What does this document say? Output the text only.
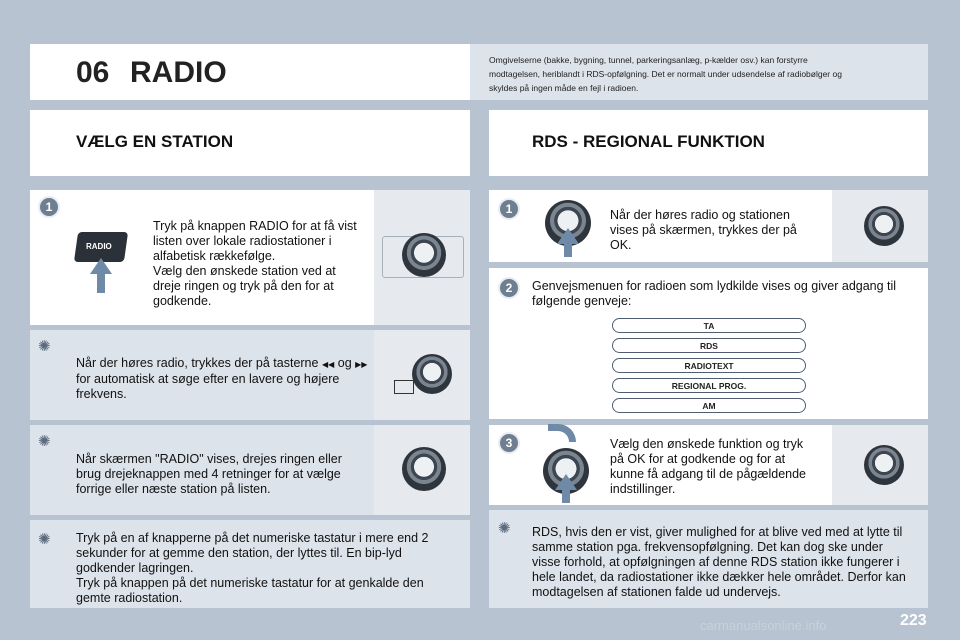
06 RADIO	Omgivelserne (bakke, bygning, tunnel, parkeringsanlæg, p-kælder osv.) kan forstyrre modtagelsen, heriblandt i RDS-opfølgning. Det er normalt under udsendelse af radiobølger og skyldes på ingen måde en fejl i radioen.
VÆLG EN STATION	RDS - REGIONAL FUNKTION
1
RADIO
Tryk på knappen RADIO for at få vist listen over lokale radiostationer i alfabetisk rækkefølge.
Vælg den ønskede station ved at dreje ringen og tryk på den for at godkende.
✺
Når der høres radio, trykkes der på tasterne ◀◀ og ▶▶ for automatisk at søge efter en lavere og højere frekvens.
✺
Når skærmen "RADIO" vises, drejes ringen eller brug drejeknappen med 4 retninger for at vælge forrige eller næste station på listen.
✺ Tryk på en af knapperne på det numeriske tastatur i mere end 2 sekunder for at gemme den station, der lyttes til. En bip-lyd godkender lagringen.
Tryk på knappen på det numeriske tastatur for at genkalde den gemte radiostation.
1	Når der høres radio og stationen vises på skærmen, trykkes der på OK.
2	Genvejsmenuen for radioen som lydkilde vises og giver adgang til følgende genveje:
TA
RDS
RADIOTEXT
REGIONAL PROG.
AM
3	Vælg den ønskede funktion og tryk på OK for at godkende og for at kunne få adgang til de pågældende indstillinger.
✺ RDS, hvis den er vist, giver mulighed for at blive ved med at lytte til samme station pga. frekvensopfølgning. Det kan dog ske under visse forhold, at opfølgningen af denne RDS station ikke fungerer i hele landet, da radiostationer ikke dækker hele området. Derfor kan modtagelsen af stationen falde ud undervejs.
223
carmanualsonline.info
